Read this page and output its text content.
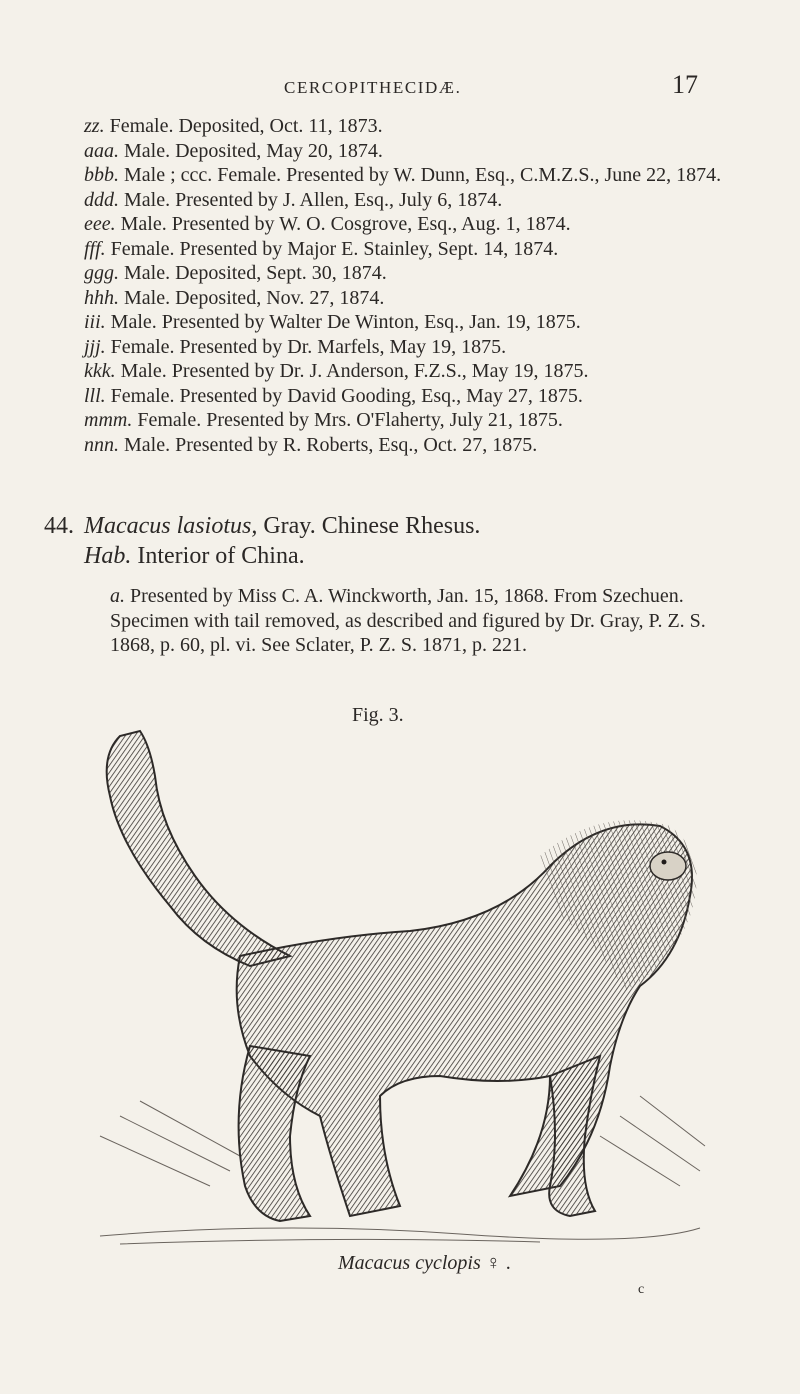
CERCOPITHECIDÆ.	17

zz. Female. Deposited, Oct. 11, 1873.

aaa. Male. Deposited, May 20, 1874.

bbb. Male ; ccc. Female. Presented by W. Dunn, Esq., C.M.Z.S., June 22, 1874.

ddd. Male. Presented by J. Allen, Esq., July 6, 1874.

eee. Male. Presented by W. O. Cosgrove, Esq., Aug. 1, 1874.

fff. Female. Presented by Major E. Stainley, Sept. 14, 1874.

ggg. Male. Deposited, Sept. 30, 1874.

hhh. Male. Deposited, Nov. 27, 1874.

iii. Male. Presented by Walter De Winton, Esq., Jan. 19, 1875.

jjj. Female. Presented by Dr. Marfels, May 19, 1875.

kkk. Male. Presented by Dr. J. Anderson, F.Z.S., May 19, 1875.

lll. Female. Presented by David Gooding, Esq., May 27, 1875.

mmm. Female. Presented by Mrs. O'Flaherty, July 21, 1875.

nnn. Male. Presented by R. Roberts, Esq., Oct. 27, 1875.

44. Macacus lasiotus, Gray. Chinese Rhesus.
Hab. Interior of China.
a. Presented by Miss C. A. Winckworth, Jan. 15, 1868. From Szechuen. Specimen with tail removed, as described and figured by Dr. Gray, P. Z. S. 1868, p. 60, pl. vi. See Sclater, P. Z. S. 1871, p. 221.
Fig. 3.
Macacus cyclopis ♀ .
c
